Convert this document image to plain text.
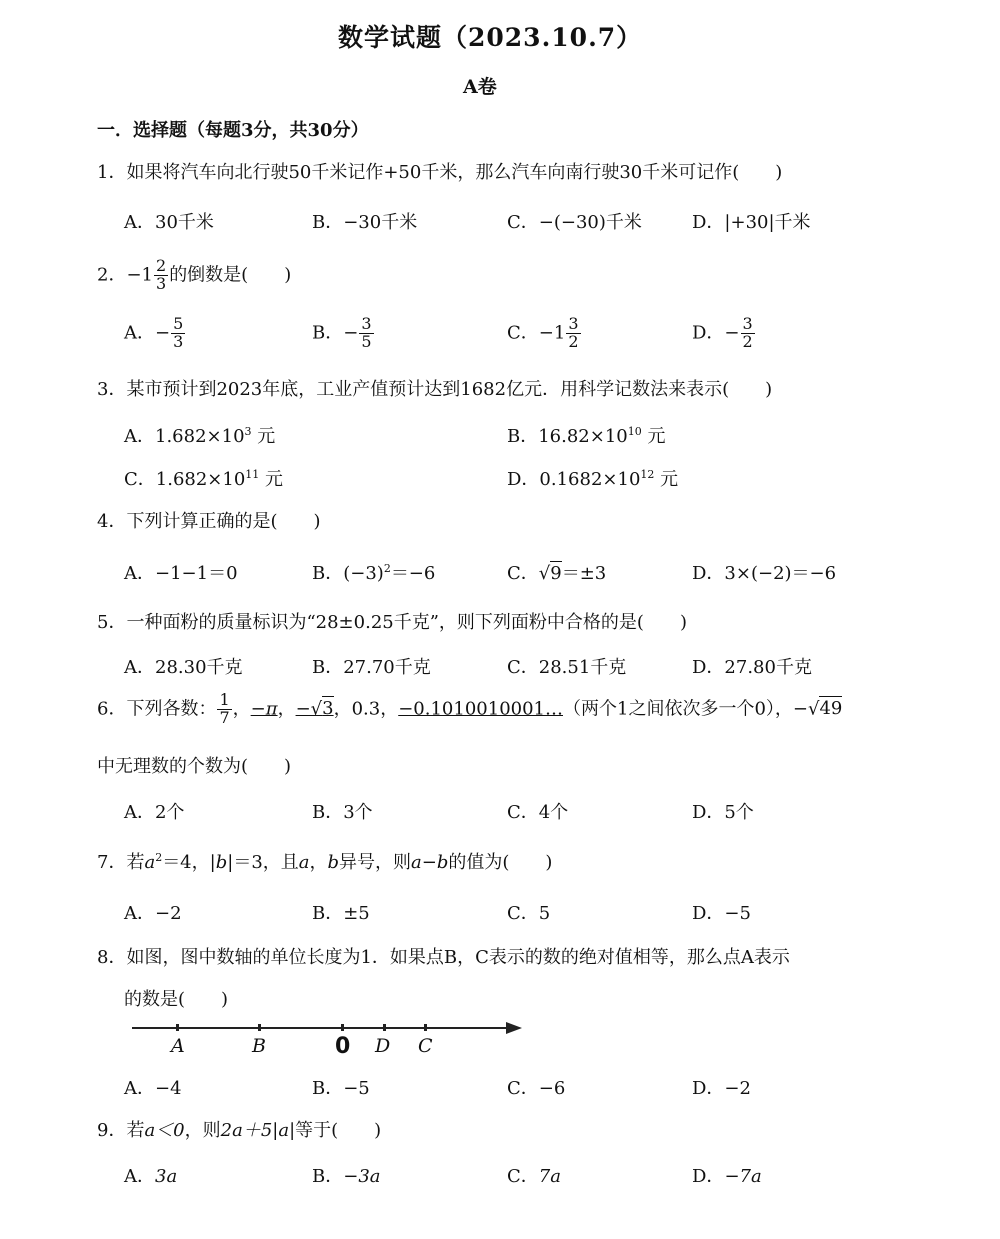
数学试题（2023.10.7）
A卷
一．选择题（每题3分，共30分）
1．如果将汽车向北行驶50千米记作+50千米，那么汽车向南行驶30千米可记作(　　)
A．30千米	B．−30千米	C．−(−30)千米	D．|+30|千米
2．$-1 \frac{2}{3}$ 的倒数是(　　)
A．− $\frac{5}{3}$	B．− $\frac{3}{5}$	C．$-1 \frac{3}{2}$	D．− $\frac{3}{2}$
3．某市预计到2023年底，工业产值预计达到1682亿元．用科学记数法来表示(　　)
A．$1.682\times 10^3$ 元	B．$16.82\times 10^{10}$ 元
C．$1.682\times 10^{11}$ 元	D．$0.1682\times 10^{12}$ 元
4．下列计算正确的是(　　)
A．−1−1＝0	B．$(-3)^2=-6$	C．√9＝±3	D．3×(−2)＝−6
5．一种面粉的质量标识为“28±0.25千克”，则下列面粉中合格的是(　　)
A．28.30千克	B．27.70千克	C．28.51千克	D．27.80千克
6．下列各数： $\frac{1}{7}$ ，−π，−√3，0.3，−0.1010010001…（两个1之间依次多一个0），−√49
中无理数的个数为(　　)
A．2个	B．3个	C．4个	D．5个
7．若$a^2=4$，|b|＝3，且a，b异号，则a−b的值为(　　)
A．−2	B．±5	C．5	D．−5
8．如图，图中数轴的单位长度为1．如果点B，C表示的数的绝对值相等，那么点A表示
的数是(　　)
A	B	0 D C
A．−4	B．−5	C．−6	D．−2
9．若a＜0，则2a＋5|a|等于(　　)
A．3a	B．−3a	C．7a	D．−7a
